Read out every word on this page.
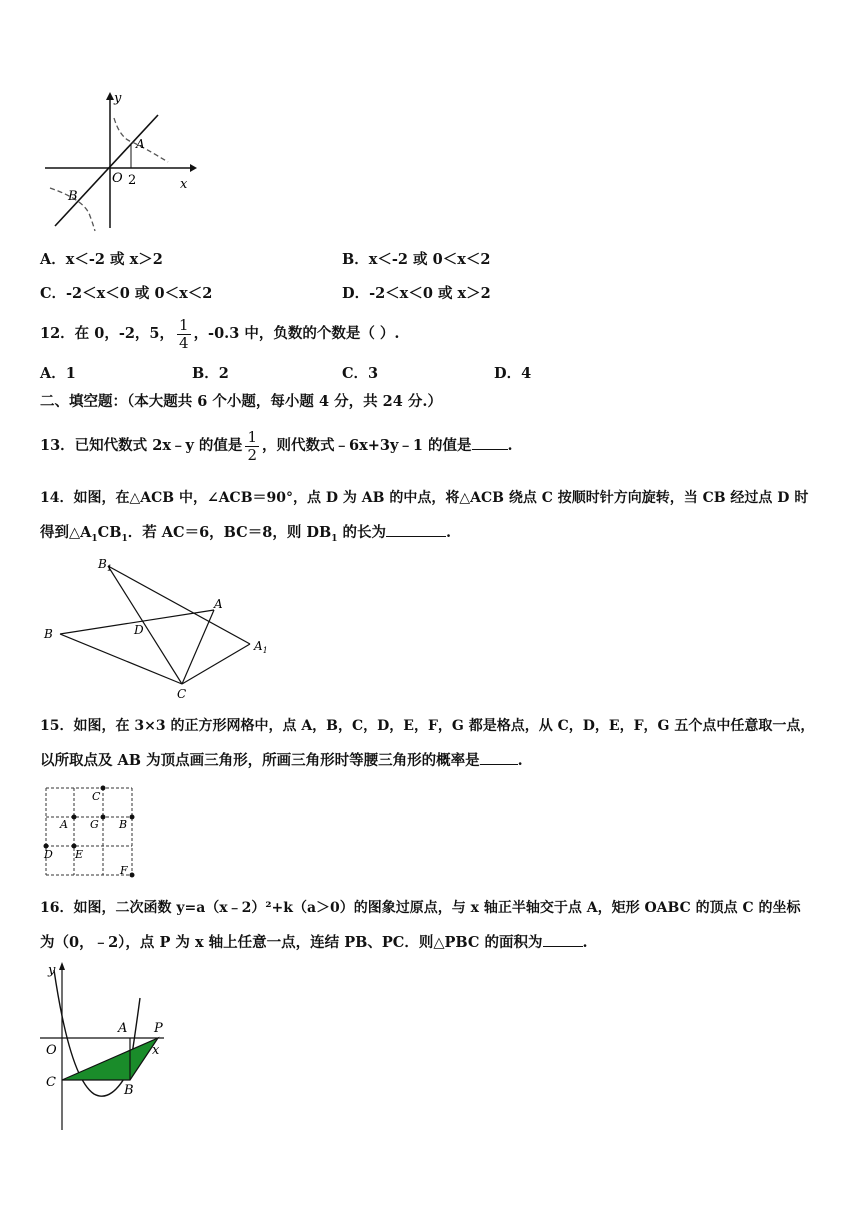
y
x
O 2
A
B
A．x＜-2 或 x＞2	B．x＜-2 或 0＜x＜2
C．-2＜x＜0 或 0＜x＜2	D．-2＜x＜0 或 x＞2
12．在 0，-2，5， $\frac{1}{4}$ ，-0.3 中，负数的个数是（ ）.
A．1	B．2	C．3	D．4
二、填空题：（本大题共 6 个小题，每小题 4 分，共 24 分.）
13．已知代数式 2x﹣y 的值是 $\frac{1}{2}$ ，则代数式﹣6x+3y﹣1 的值是 .
14．如图，在△ACB 中，∠ACB＝90°，点 D 为 AB 的中点，将△ACB 绕点 C 按顺时针方向旋转，当 CB 经过点 D 时
得到$\triangle A_1CB_1$．若 AC＝6，BC＝8，则 $DB_1$ 的长为	.
$B_1$
A
B	D
$A_1$
C
15．如图，在 3×3 的正方形网格中，点 A，B，C，D，E，F，G 都是格点，从 C，D，E，F，G 五个点中任意取一点，
以所取点及 AB 为顶点画三角形，所画三角形时等腰三角形的概率是	.
C
A G B
D E
F
16．如图，二次函数 y=a（x﹣2）²+k（a＞0）的图象过原点，与 x 轴正半轴交于点 A，矩形 OABC 的顶点 C 的坐标
为（0，﹣2），点 P 为 x 轴上任意一点，连结 PB、PC．则△PBC 的面积为	.
y
x
O
A P
C
B
